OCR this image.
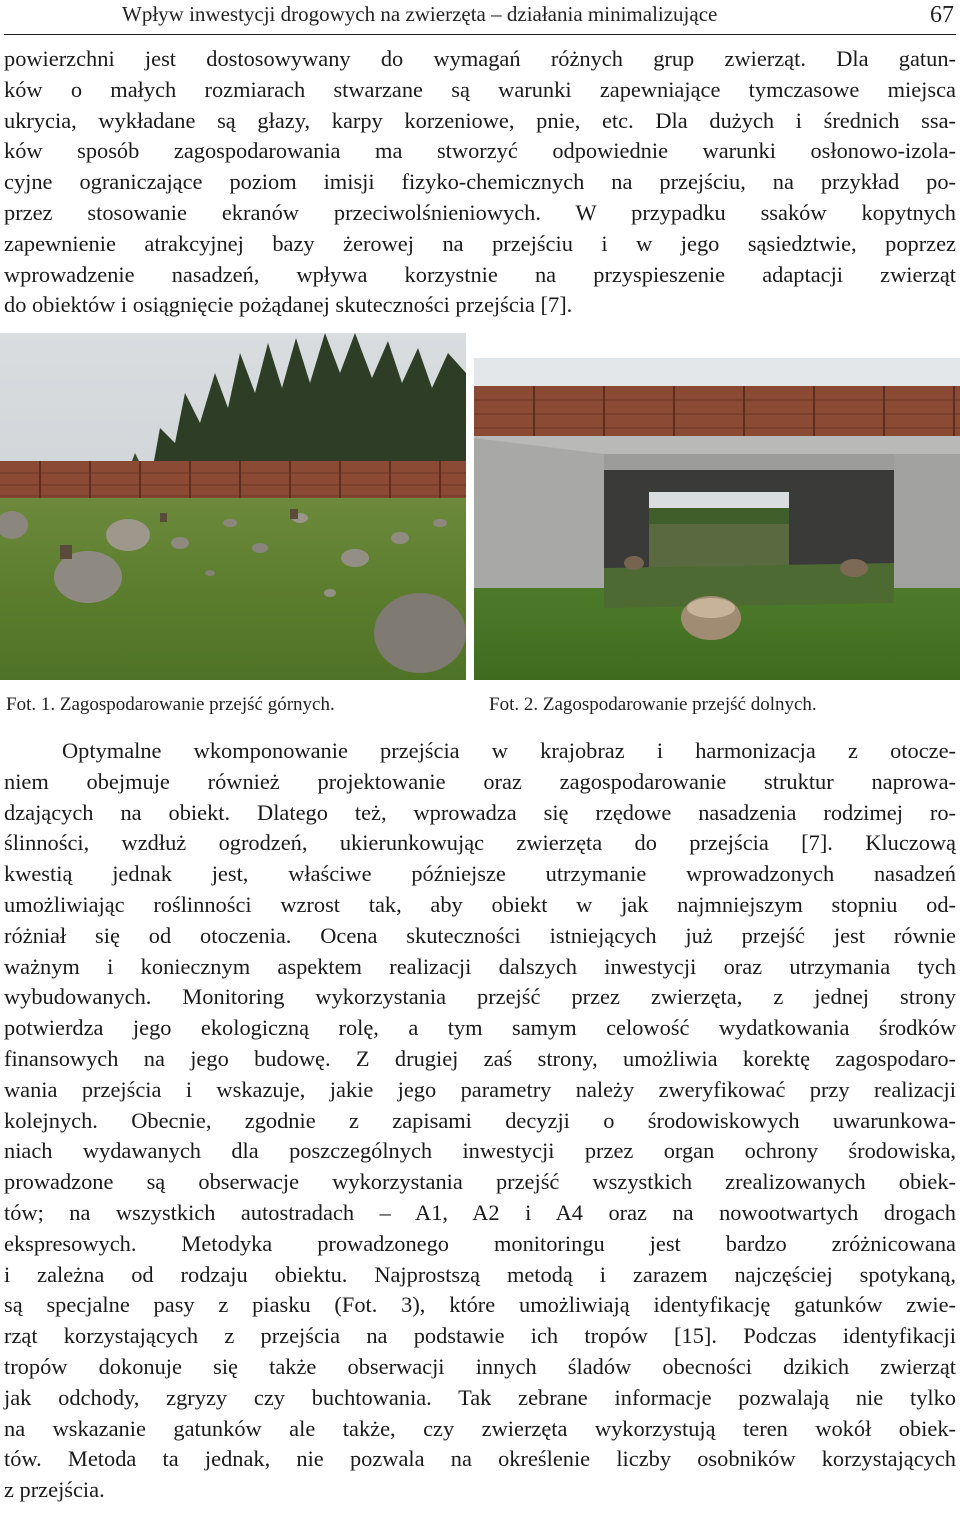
Wpływ inwestycji drogowych na zwierzęta – działania minimalizujące	67
powierzchni jest dostosowywany do wymagań różnych grup zwierząt. Dla gatun-
ków o małych rozmiarach stwarzane są warunki zapewniające tymczasowe miejsca
ukrycia, wykładane są głazy, karpy korzeniowe, pnie, etc. Dla dużych i średnich ssa-
ków sposób zagospodarowania ma stworzyć odpowiednie warunki osłonowo-izola-
cyjne ograniczające poziom imisji fizyko-chemicznych na przejściu, na przykład po-
przez stosowanie ekranów przeciwolśnieniowych. W przypadku ssaków kopytnych
zapewnienie atrakcyjnej bazy żerowej na przejściu i w jego sąsiedztwie, poprzez
wprowadzenie nasadzeń, wpływa korzystnie na przyspieszenie adaptacji zwierząt
do obiektów i osiągnięcie pożądanej skuteczności przejścia [7].
Fot. 1. Zagospodarowanie przejść górnych.	Fot. 2. Zagospodarowanie przejść dolnych.
Optymalne wkomponowanie przejścia w krajobraz i harmonizacja z otocze-
niem obejmuje również projektowanie oraz zagospodarowanie struktur naprowa-
dzających na obiekt. Dlatego też, wprowadza się rzędowe nasadzenia rodzimej ro-
ślinności, wzdłuż ogrodzeń, ukierunkowując zwierzęta do przejścia [7]. Kluczową
kwestią jednak jest, właściwe późniejsze utrzymanie wprowadzonych nasadzeń
umożliwiając roślinności wzrost tak, aby obiekt w jak najmniejszym stopniu od-
różniał się od otoczenia. Ocena skuteczności istniejących już przejść jest równie
ważnym i koniecznym aspektem realizacji dalszych inwestycji oraz utrzymania tych
wybudowanych. Monitoring wykorzystania przejść przez zwierzęta, z jednej strony
potwierdza jego ekologiczną rolę, a tym samym celowość wydatkowania środków
finansowych na jego budowę. Z drugiej zaś strony, umożliwia korektę zagospodaro-
wania przejścia i wskazuje, jakie jego parametry należy zweryfikować przy realizacji
kolejnych. Obecnie, zgodnie z zapisami decyzji o środowiskowych uwarunkowa-
niach wydawanych dla poszczególnych inwestycji przez organ ochrony środowiska,
prowadzone są obserwacje wykorzystania przejść wszystkich zrealizowanych obiek-
tów; na wszystkich autostradach – A1, A2 i A4 oraz na nowootwartych drogach
ekspresowych. Metodyka prowadzonego monitoringu jest bardzo zróżnicowana
i zależna od rodzaju obiektu. Najprostszą metodą i zarazem najczęściej spotykaną,
są specjalne pasy z piasku (Fot. 3), które umożliwiają identyfikację gatunków zwie-
rząt korzystających z przejścia na podstawie ich tropów [15]. Podczas identyfikacji
tropów dokonuje się także obserwacji innych śladów obecności dzikich zwierząt
jak odchody, zgryzy czy buchtowania. Tak zebrane informacje pozwalają nie tylko
na wskazanie gatunków ale także, czy zwierzęta wykorzystują teren wokół obiek-
tów. Metoda ta jednak, nie pozwala na określenie liczby osobników korzystających
z przejścia.
